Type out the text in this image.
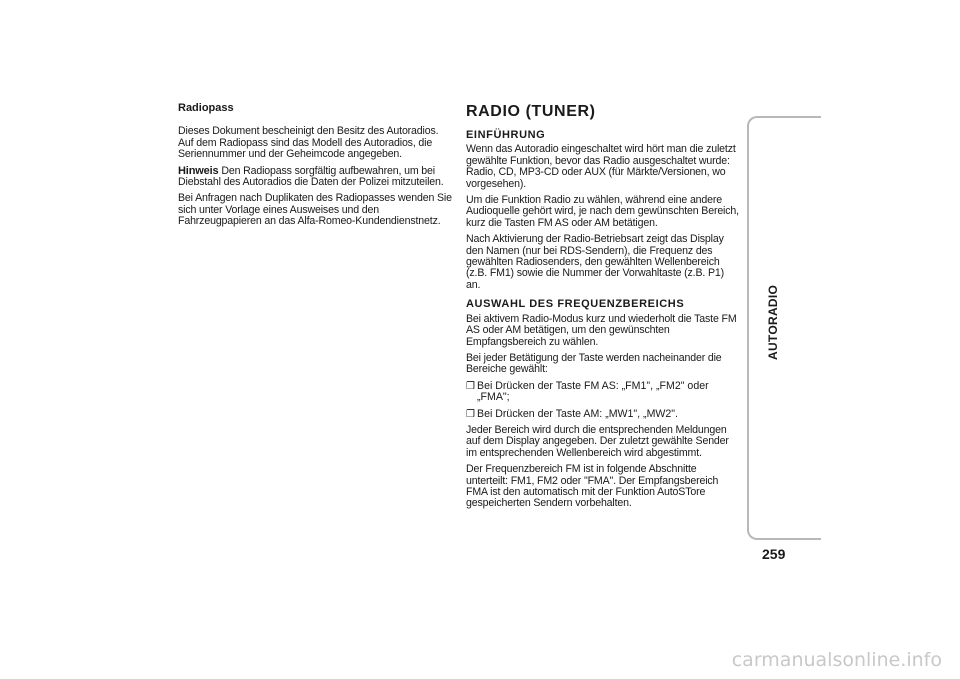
Radiopass

Dieses Dokument bescheinigt den Besitz des Autoradios. Auf dem Radiopass sind das Modell des Autoradios, die Seriennummer und der Geheimcode angegeben.

Hinweis Den Radiopass sorgfältig aufbewahren, um bei Diebstahl des Autoradios die Daten der Polizei mitzuteilen.

Bei Anfragen nach Duplikaten des Radiopasses wenden Sie sich unter Vorlage eines Ausweises und den Fahrzeugpapieren an das Alfa-Romeo-Kundendienstnetz.

RADIO (TUNER)
EINFÜHRUNG

Wenn das Autoradio eingeschaltet wird hört man die zuletzt gewählte Funktion, bevor das Radio ausgeschaltet wurde: Radio, CD, MP3-CD oder AUX (für Märkte/Versionen, wo vorgesehen).

Um die Funktion Radio zu wählen, während eine andere Audioquelle gehört wird, je nach dem gewünschten Bereich, kurz die Tasten FM AS oder AM betätigen.

Nach Aktivierung der Radio-Betriebsart zeigt das Display den Namen (nur bei RDS-Sendern), die Frequenz des gewählten Radiosenders, den gewählten Wellenbereich (z.B. FM1) sowie die Nummer der Vorwahltaste (z.B. P1) an.

AUSWAHL DES FREQUENZBEREICHS

Bei aktivem Radio-Modus kurz und wiederholt die Taste FM AS oder AM betätigen, um den gewünschten Empfangsbereich zu wählen.

Bei jeder Betätigung der Taste werden nacheinander die Bereiche gewählt:

❒ Bei Drücken der Taste FM AS: „FM1", „FM2" oder „FMA";
❒ Bei Drücken der Taste AM: „MW1", „MW2".

Jeder Bereich wird durch die entsprechenden Meldungen auf dem Display angegeben. Der zuletzt gewählte Sender im entsprechenden Wellenbereich wird abgestimmt.

Der Frequenzbereich FM ist in folgende Abschnitte unterteilt: FM1, FM2 oder "FMA". Der Empfangsbereich FMA ist den automatisch mit der Funktion AutoSTore gespeicherten Sendern vorbehalten.

AUTORADIO
259
carmanualsonline.info
